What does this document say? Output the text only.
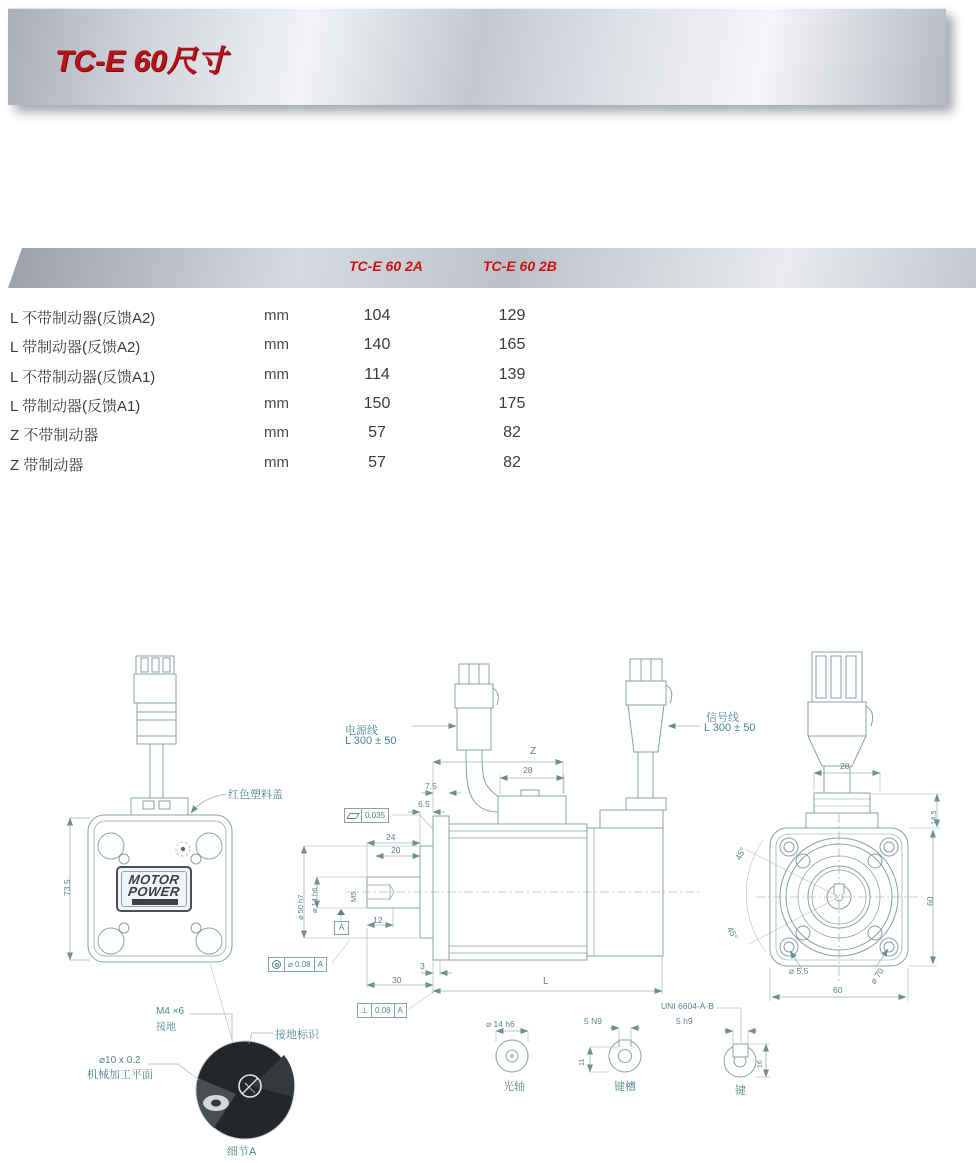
TC-E 60尺寸
TC-E 60 2A	TC-E 60 2B
L 不带制动器(反馈A2)	mm	104	129
L 带制动器(反馈A2)	mm	140	165
L 不带制动器(反馈A1)	mm	114	139
L 带制动器(反馈A1)	mm	150	175
Z 不带制动器	mm	57	82
Z 带制动器	mm	57	82
73.5
红色塑料盖
MOTOR
POWER
电源线
L 300 ± 50
信号线
L 300 ± 50
Z
28
7.5
6.5
0.035
24
20
⌀ 50 h7 ⌀ 14 h6	M5
12
A
⌀ 0.08 A
30
3
L
⊥ 0.08 A
28
14.5
60
60
⌀ 5.5	⌀ 70
45°
45°
⌀ 14 h6
光轴
5 N9
11
键槽
UNI 6604-A-B
5 h9
16
键
M4 ×6
接地
接地标识
⌀10 x 0.2
机械加工平面
细节A
